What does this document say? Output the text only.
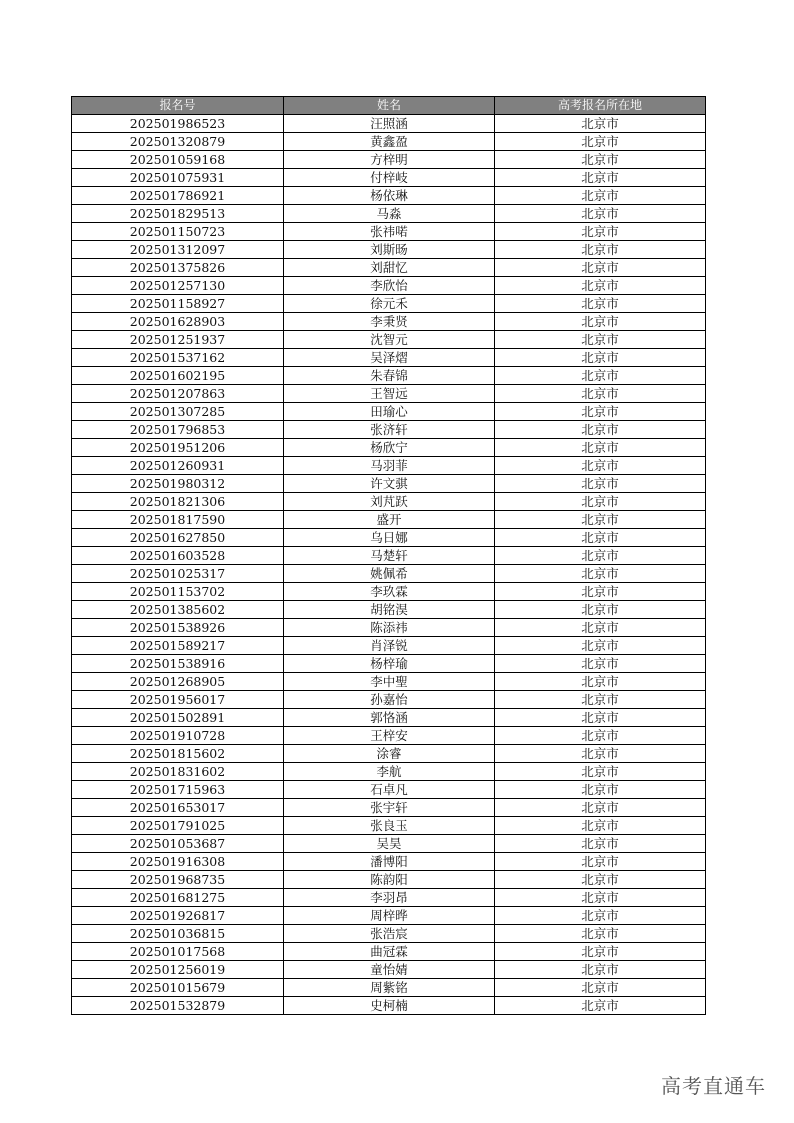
报名号	姓名	高考报名所在地
202501986523	汪照涵	北京市
202501320879	黄鑫盈	北京市
202501059168	方梓明	北京市
202501075931	付梓岐	北京市
202501786921	杨依琳	北京市
202501829513	马淼	北京市
202501150723	张祎喏	北京市
202501312097	刘斯旸	北京市
202501375826	刘甜忆	北京市
202501257130	李欣怡	北京市
202501158927	徐元禾	北京市
202501628903	李秉贤	北京市
202501251937	沈智元	北京市
202501537162	吴泽熠	北京市
202501602195	朱春锦	北京市
202501207863	王智远	北京市
202501307285	田瑜心	北京市
202501796853	张济轩	北京市
202501951206	杨欣宁	北京市
202501260931	马羽菲	北京市
202501980312	许文骐	北京市
202501821306	刘芃跃	北京市
202501817590	盛开	北京市
202501627850	乌日娜	北京市
202501603528	马楚轩	北京市
202501025317	姚佩希	北京市
202501153702	李玖霖	北京市
202501385602	胡铭淏	北京市
202501538926	陈添祎	北京市
202501589217	肖泽锐	北京市
202501538916	杨梓瑜	北京市
202501268905	李中聖	北京市
202501956017	孙嘉怡	北京市
202501502891	郭恪涵	北京市
202501910728	王梓安	北京市
202501815602	涂睿	北京市
202501831602	李航	北京市
202501715963	石卓凡	北京市
202501653017	张宇轩	北京市
202501791025	张良玉	北京市
202501053687	吴昊	北京市
202501916308	潘博阳	北京市
202501968735	陈韵阳	北京市
202501681275	李羽昂	北京市
202501926817	周梓晔	北京市
202501036815	张浩宸	北京市
202501017568	曲冠霖	北京市
202501256019	童怡婧	北京市
202501015679	周紫铭	北京市
202501532879	史柯楠	北京市
高考直通车
